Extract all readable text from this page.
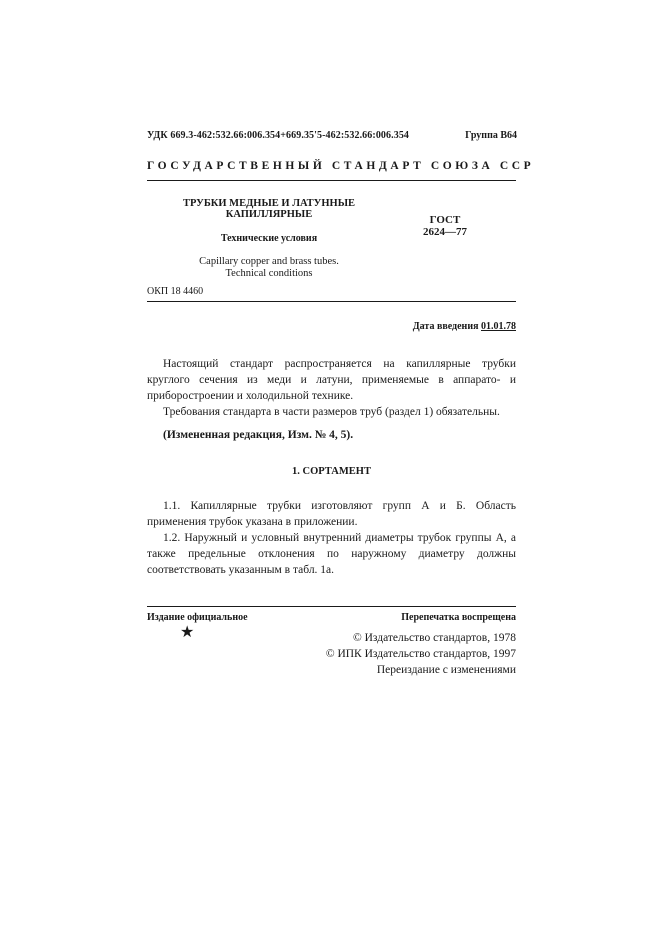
УДК 669.3-462:532.66:006.354+669.35'5-462:532.66:006.354	Группа В64
ГОСУДАРСТВЕННЫЙ СТАНДАРТ СОЮЗА ССР
ТРУБКИ МЕДНЫЕ И ЛАТУННЫЕ
КАПИЛЛЯРНЫЕ
Технические условия
Capillary copper and brass tubes.
Technical conditions
ГОСТ
2624—77
ОКП 18 4460
Дата введения 01.01.78

Настоящий стандарт распространяется на капиллярные трубки круглого сечения из меди и латуни, применяемые в аппарато- и приборостроении и холодильной технике.

Требования стандарта в части размеров труб (раздел 1) обязательны.

(Измененная редакция, Изм. № 4, 5).

1. СОРТАМЕНТ

1.1. Капиллярные трубки изготовляют групп А и Б. Область применения трубок указана в приложении.

1.2. Наружный и условный внутренний диаметры трубок группы А, а также предельные отклонения по наружному диаметру должны соответствовать указанным в табл. 1а.

Издание официальное	Перепечатка воспрещена
★	© Издательство стандартов, 1978
© ИПК Издательство стандартов, 1997
Переиздание с изменениями
